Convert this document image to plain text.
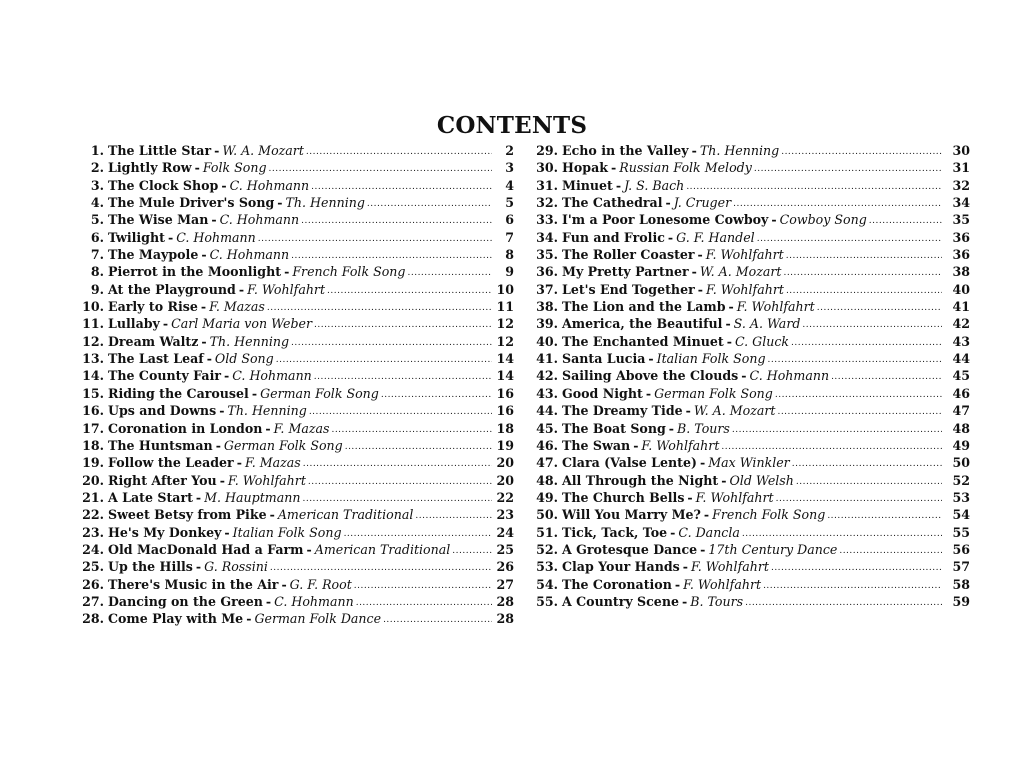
CONTENTS
1. The Little Star - W. A. Mozart .....	2
2. Lightly Row - Folk Song .....	3
3. The Clock Shop - C. Hohmann .....	4
4. The Mule Driver's Song - Th. Henning .....	5
5. The Wise Man - C. Hohmann .....	6
6. Twilight - C. Hohmann .....	7
7. The Maypole - C. Hohmann .....	8
8. Pierrot in the Moonlight - French Folk Song .....	9
9. At the Playground - F. Wohlfahrt .....	10
10. Early to Rise - F. Mazas .....	11
11. Lullaby - Carl Maria von Weber .....	12
12. Dream Waltz - Th. Henning .....	12
13. The Last Leaf - Old Song .....	14
14. The County Fair - C. Hohmann .....	14
15. Riding the Carousel - German Folk Song .....	16
16. Ups and Downs - Th. Henning .....	16
17. Coronation in London - F. Mazas .....	18
18. The Huntsman - German Folk Song .....	19
19. Follow the Leader - F. Mazas .....	20
20. Right After You - F. Wohlfahrt .....	20
21. A Late Start - M. Hauptmann .....	22
22. Sweet Betsy from Pike - American Traditional .....	23
23. He's My Donkey - Italian Folk Song .....	24
24. Old MacDonald Had a Farm - American Traditional .....	25
25. Up the Hills - G. Rossini .....	26
26. There's Music in the Air - G. F. Root .....	27
27. Dancing on the Green - C. Hohmann .....	28
28. Come Play with Me - German Folk Dance .....	28
29. Echo in the Valley - Th. Henning .....	30
30. Hopak - Russian Folk Melody .....	31
31. Minuet - J. S. Bach .....	32
32. The Cathedral - J. Cruger .....	34
33. I'm a Poor Lonesome Cowboy - Cowboy Song .....	35
34. Fun and Frolic - G. F. Handel .....	36
35. The Roller Coaster - F. Wohlfahrt .....	36
36. My Pretty Partner - W. A. Mozart .....	38
37. Let's End Together - F. Wohlfahrt .....	40
38. The Lion and the Lamb - F. Wohlfahrt .....	41
39. America, the Beautiful - S. A. Ward .....	42
40. The Enchanted Minuet - C. Gluck .....	43
41. Santa Lucia - Italian Folk Song .....	44
42. Sailing Above the Clouds - C. Hohmann .....	45
43. Good Night - German Folk Song .....	46
44. The Dreamy Tide - W. A. Mozart .....	47
45. The Boat Song - B. Tours .....	48
46. The Swan - F. Wohlfahrt .....	49
47. Clara (Valse Lente) - Max Winkler .....	50
48. All Through the Night - Old Welsh .....	52
49. The Church Bells - F. Wohlfahrt .....	53
50. Will You Marry Me? - French Folk Song .....	54
51. Tick, Tack, Toe - C. Dancla .....	55
52. A Grotesque Dance - 17th Century Dance .....	56
53. Clap Your Hands - F. Wohlfahrt .....	57
54. The Coronation - F. Wohlfahrt .....	58
55. A Country Scene - B. Tours .....	59
